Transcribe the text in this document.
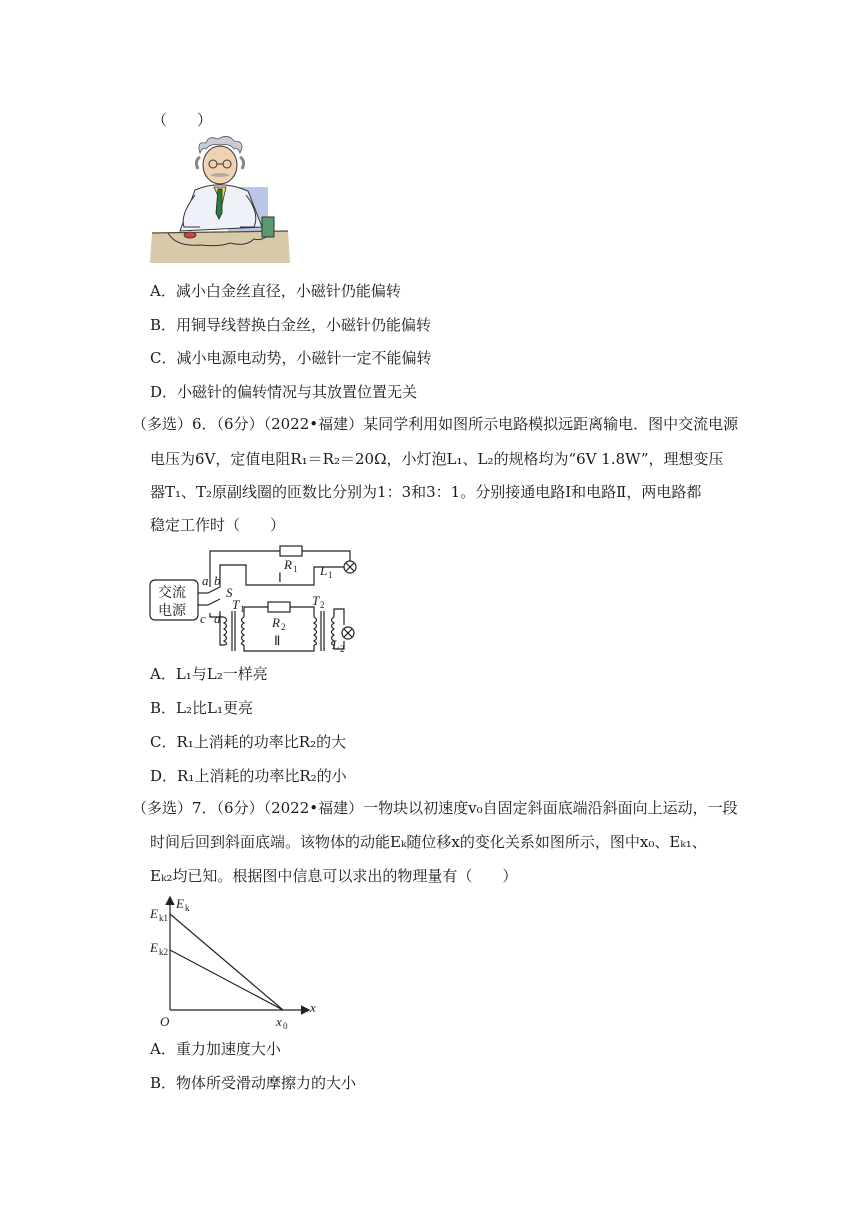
（　　）
A．减小白金丝直径，小磁针仍能偏转
B．用铜导线替换白金丝，小磁针仍能偏转
C．减小电源电动势，小磁针一定不能偏转
D．小磁针的偏转情况与其放置位置无关
（多选）6．（6分）（2022•福建）某同学利用如图所示电路模拟远距离输电．图中交流电源
电压为6V，定值电阻R₁＝R₂＝20Ω，小灯泡L₁、L₂的规格均为“6V 1.8W”，理想变压
器T₁、T₂原副线圈的匝数比分别为1：3和3：1。分别接通电路Ⅰ和电路Ⅱ，两电路都
稳定工作时（　　）
交流
电源
a b
S
c d
R 1
Ⅰ	L 1
T 1
T 2
R 2
Ⅱ	L 2
A．L₁与L₂一样亮
B．L₂比L₁更亮
C．R₁上消耗的功率比R₂的大
D．R₁上消耗的功率比R₂的小
（多选）7．（6分）（2022•福建）一物块以初速度v₀自固定斜面底端沿斜面向上运动，一段
时间后回到斜面底端。该物体的动能Eₖ随位移x的变化关系如图所示，图中x₀、Eₖ₁、
Eₖ₂均已知。根据图中信息可以求出的物理量有（　　）
E k
E k1
E k2
O	x 0
x
A．重力加速度大小
B．物体所受滑动摩擦力的大小
